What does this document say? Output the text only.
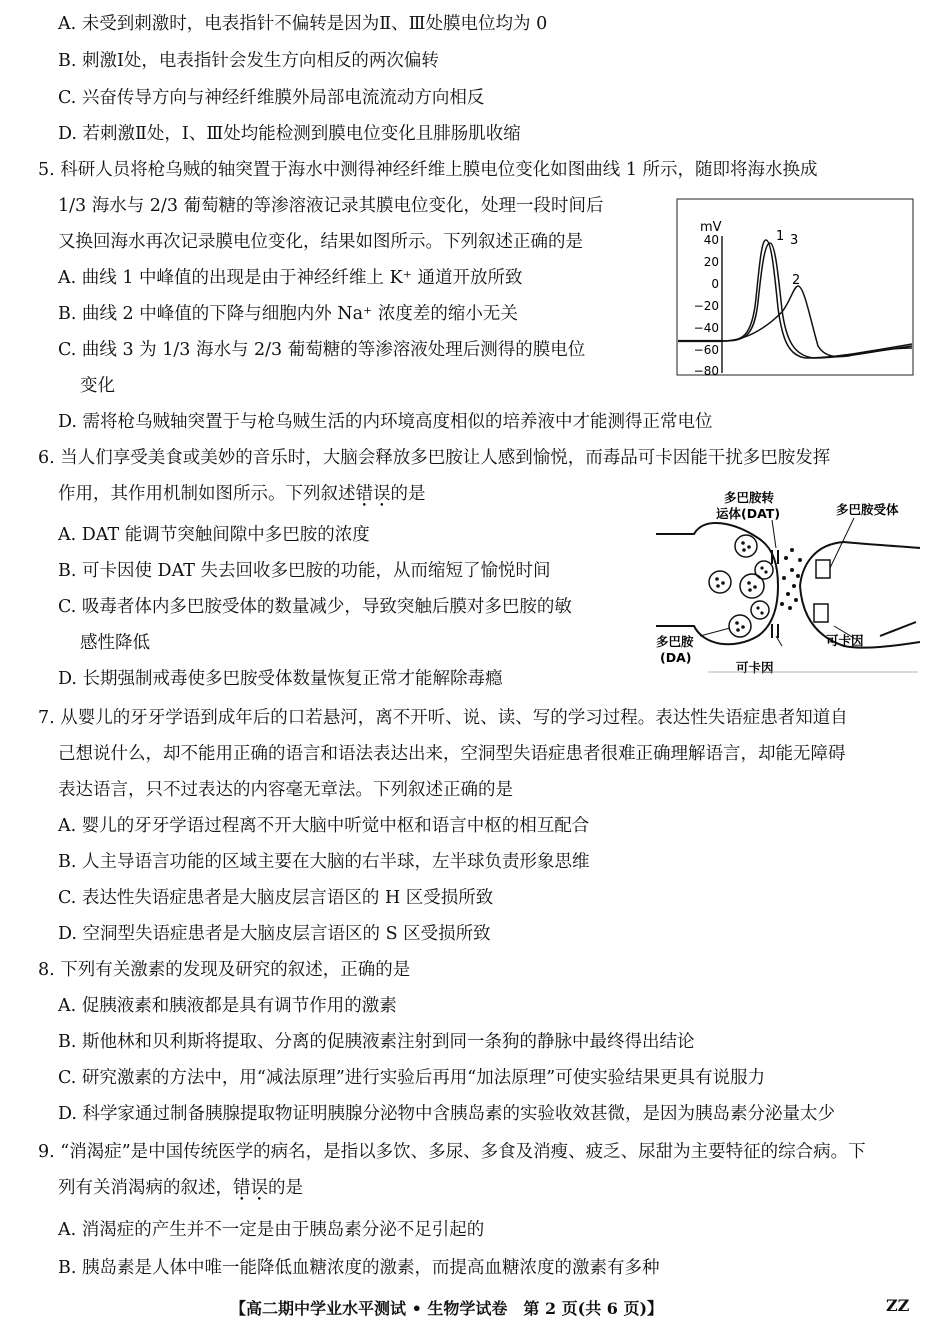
A. 未受到刺激时，电表指针不偏转是因为Ⅱ、Ⅲ处膜电位均为 0
B. 刺激Ⅰ处，电表指针会发生方向相反的两次偏转
C. 兴奋传导方向与神经纤维膜外局部电流流动方向相反
D. 若刺激Ⅱ处，Ⅰ、Ⅲ处均能检测到膜电位变化且腓肠肌收缩
5. 科研人员将枪乌贼的轴突置于海水中测得神经纤维上膜电位变化如图曲线 1 所示，随即将海水换成
1/3 海水与 2/3 葡萄糖的等渗溶液记录其膜电位变化，处理一段时间后
又换回海水再次记录膜电位变化，结果如图所示。下列叙述正确的是
A. 曲线 1 中峰值的出现是由于神经纤维上 K⁺ 通道开放所致
B. 曲线 2 中峰值的下降与细胞内外 Na⁺ 浓度差的缩小无关
C. 曲线 3 为 1/3 海水与 2/3 葡萄糖的等渗溶液处理后测得的膜电位
变化
D. 需将枪乌贼轴突置于与枪乌贼生活的内环境高度相似的培养液中才能测得正常电位
mV
40
20
0
−20
−40
−60
−80
1 3
2
6. 当人们享受美食或美妙的音乐时，大脑会释放多巴胺让人感到愉悦，而毒品可卡因能干扰多巴胺发挥
作用，其作用机制如图所示。下列叙述错误的是
A. DAT 能调节突触间隙中多巴胺的浓度
B. 可卡因使 DAT 失去回收多巴胺的功能，从而缩短了愉悦时间
C. 吸毒者体内多巴胺受体的数量减少，导致突触后膜对多巴胺的敏
感性降低
D. 长期强制戒毒使多巴胺受体数量恢复正常才能解除毒瘾
多巴胺转
运体(DAT)	多巴胺受体
多巴胺
(DA)
可卡因
可卡因
7. 从婴儿的牙牙学语到成年后的口若悬河，离不开听、说、读、写的学习过程。表达性失语症患者知道自
己想说什么，却不能用正确的语言和语法表达出来，空洞型失语症患者很难正确理解语言，却能无障碍
表达语言，只不过表达的内容毫无章法。下列叙述正确的是
A. 婴儿的牙牙学语过程离不开大脑中听觉中枢和语言中枢的相互配合
B. 人主导语言功能的区域主要在大脑的右半球，左半球负责形象思维
C. 表达性失语症患者是大脑皮层言语区的 H 区受损所致
D. 空洞型失语症患者是大脑皮层言语区的 S 区受损所致
8. 下列有关激素的发现及研究的叙述，正确的是
A. 促胰液素和胰液都是具有调节作用的激素
B. 斯他林和贝利斯将提取、分离的促胰液素注射到同一条狗的静脉中最终得出结论
C. 研究激素的方法中，用“减法原理”进行实验后再用“加法原理”可使实验结果更具有说服力
D. 科学家通过制备胰腺提取物证明胰腺分泌物中含胰岛素的实验收效甚微，是因为胰岛素分泌量太少
9. “消渴症”是中国传统医学的病名，是指以多饮、多尿、多食及消瘦、疲乏、尿甜为主要特征的综合病。下
列有关消渴病的叙述，错误的是
A. 消渴症的产生并不一定是由于胰岛素分泌不足引起的
B. 胰岛素是人体中唯一能降低血糖浓度的激素，而提高血糖浓度的激素有多种
【高二期中学业水平测试 • 生物学试卷　第 2 页(共 6 页)】	ZZ
